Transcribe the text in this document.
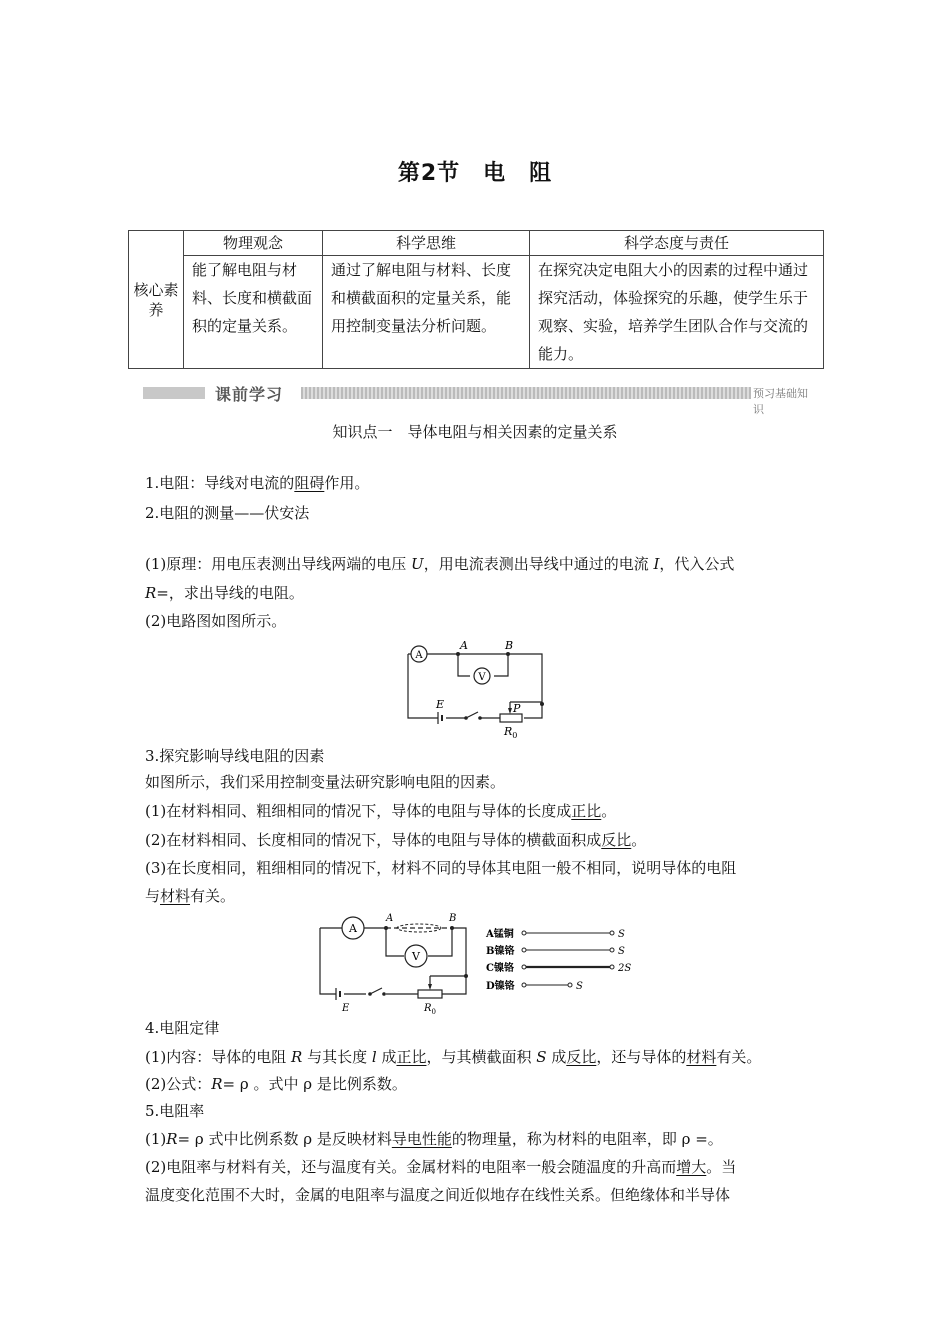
第2节　电　阻
核心素养	物理观念	科学思维	科学态度与责任
	能了解电阻与材料、长度和横截面积的定量关系。	通过了解电阻与材料、长度和横截面积的定量关系，能用控制变量法分析问题。	在探究决定电阻大小的因素的过程中通过探究活动，体验探究的乐趣，使学生乐于观察、实验，培养学生团队合作与交流的能力。
课前学习	预习基础知识
知识点一　导体电阻与相关因素的定量关系
1.电阻：导线对电流的阻碍作用。
2.电阻的测量——伏安法
(1)原理：用电压表测出导线两端的电压 U，用电流表测出导线中通过的电流 I，代入公式
R=，求出导线的电阻。
(2)电路图如图所示。
A
V
A	B
E	P
$R_0$
3.探究影响导线电阻的因素
如图所示，我们采用控制变量法研究影响电阻的因素。
(1)在材料相同、粗细相同的情况下，导体的电阻与导体的长度成正比。
(2)在材料相同、长度相同的情况下，导体的电阻与导体的横截面积成反比。
(3)在长度相同，粗细相同的情况下，材料不同的导体其电阻一般不相同，说明导体的电阻
与材料有关。
A
V
A	B
E	$R_0$
A锰铜
B镍铬
C镍铬
D镍铬
S
S
2S
S
4.电阻定律
(1)内容：导体的电阻 R 与其长度 l 成正比，与其横截面积 S 成反比，还与导体的材料有关。
(2)公式：R= ρ 。式中 ρ 是比例系数。
5.电阻率
(1)R= ρ 式中比例系数 ρ 是反映材料导电性能的物理量，称为材料的电阻率，即 ρ =。
(2)电阻率与材料有关，还与温度有关。金属材料的电阻率一般会随温度的升高而增大。当
温度变化范围不大时，金属的电阻率与温度之间近似地存在线性关系。但绝缘体和半导体
